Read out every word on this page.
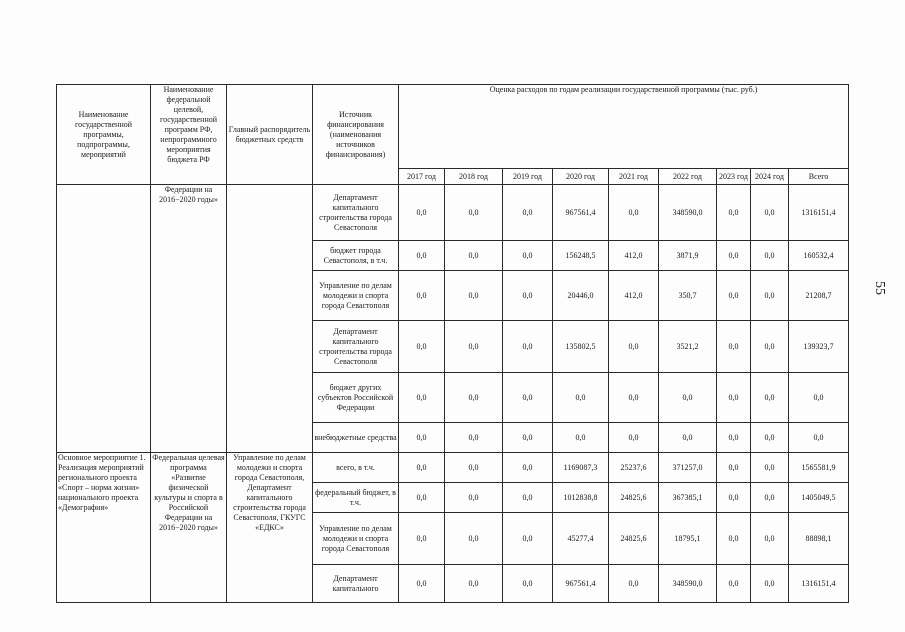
Наименование государственной программы, подпрограммы, мероприятий	Наименование федеральной целевой, государственной программ РФ, непрограммного мероприятия бюджета РФ	Главный распорядитель бюджетных средств	Источник финансирования (наименования источников финансирования)	Оценка расходов по годам реализации государственной программы (тыс. руб.)								
				2017 год	2018 год	2019 год	2020 год	2021 год	2022 год	2023 год	2024 год	Всего
	Федерации на 2016−2020 годы»		Департамент капитального строительства города Севастополя	0,0	0,0	0,0	967561,4	0,0	348590,0	0,0	0,0	1316151,4
			бюджет города Севастополя, в т.ч.	0,0	0,0	0,0	156248,5	412,0	3871,9	0,0	0,0	160532,4
			Управление по делам молодежи и спорта города Севастополя	0,0	0,0	0,0	20446,0	412,0	350,7	0,0	0,0	21208,7
			Департамент капитального строительства города Севастополя	0,0	0,0	0,0	135802,5	0,0	3521,2	0,0	0,0	139323,7
			бюджет других субъектов Российской Федерации	0,0	0,0	0,0	0,0	0,0	0,0	0,0	0,0	0,0
			внебюджетные средства	0,0	0,0	0,0	0,0	0,0	0,0	0,0	0,0	0,0
Основное мероприятие 1. Реализация мероприятий регионального проекта «Спорт – норма жизни» национального проекта «Демография»	Федеральная целевая программа «Развитие физической культуры и спорта в Российской Федерации на 2016−2020 годы»	Управление по делам молодежи и спорта города Севастополя, Департамент капитального строительства города Севастополя, ГКУГС «ЕДКС»	всего, в т.ч.	0,0	0,0	0,0	1169087,3	25237,6	371257,0	0,0	0,0	1565581,9
			федеральный бюджет, в т.ч.	0,0	0,0	0,0	1012838,8	24825,6	367385,1	0,0	0,0	1405049,5
			Управление по делам молодежи и спорта города Севастополя	0,0	0,0	0,0	45277,4	24825,6	18795,1	0,0	0,0	88898,1
			Департамент капитального	0,0	0,0	0,0	967561,4	0,0	348590,0	0,0	0,0	1316151,4
55
